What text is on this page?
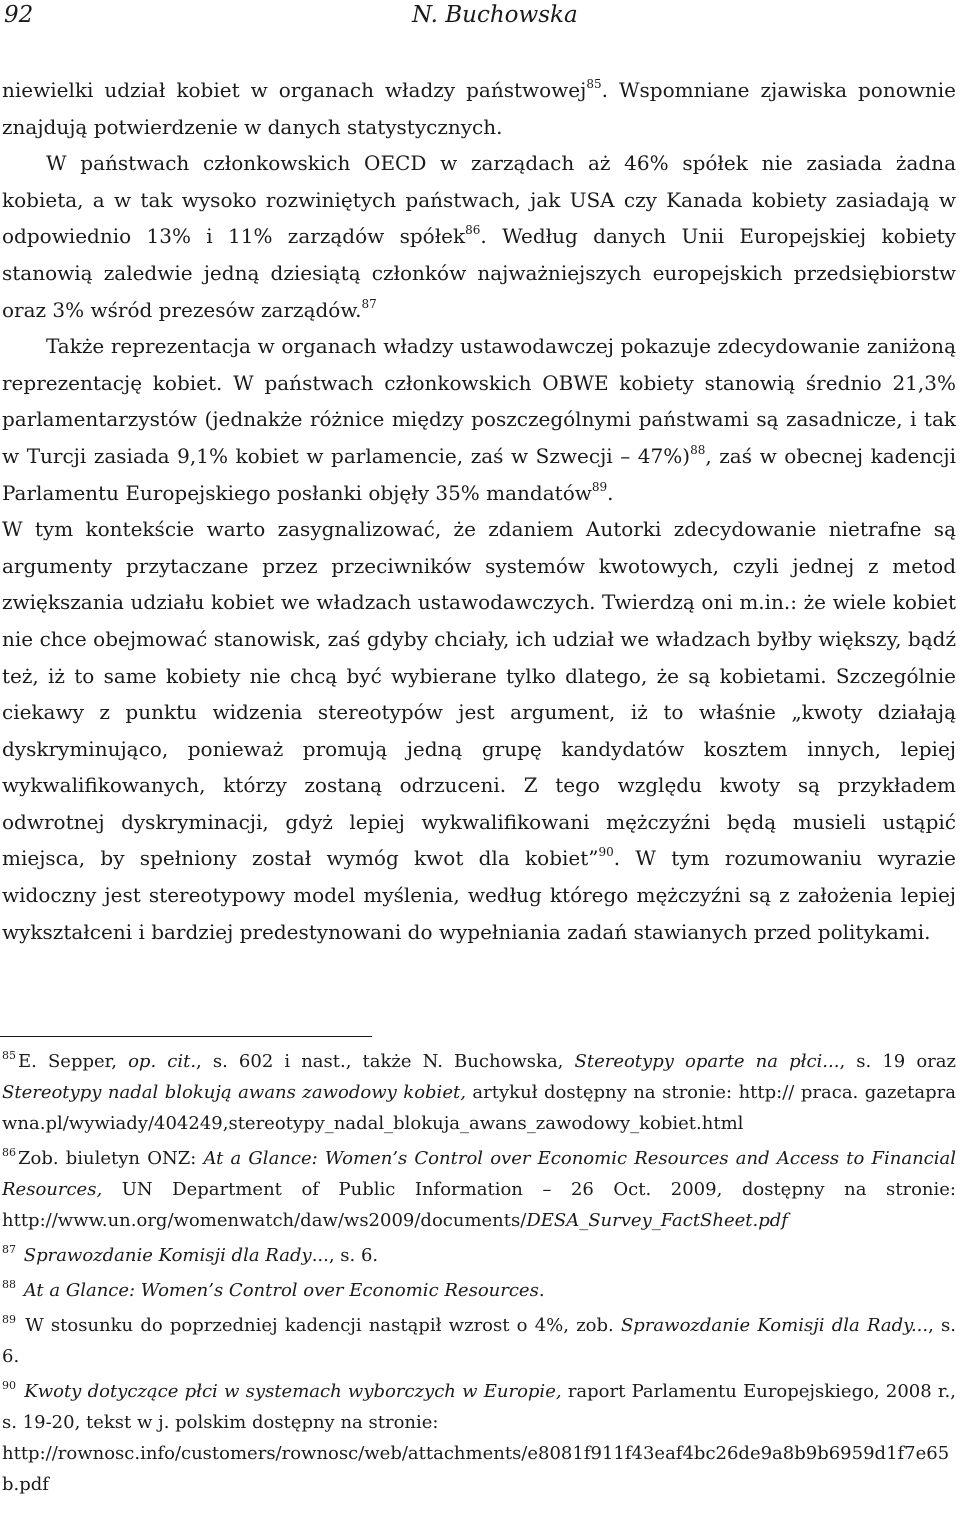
92	N. Buchowska

niewielki udział kobiet w organach władzy państwowej$^{85}$. Wspomniane zjawiska ponownie znajdują potwierdzenie w danych statystycznych.

W państwach członkowskich OECD w zarządach aż 46% spółek nie zasiada żadna kobieta, a w tak wysoko rozwiniętych państwach, jak USA czy Kanada kobiety zasiadają w odpowiednio 13% i 11% zarządów spółek$^{86}$. Według danych Unii Europejskiej kobiety stanowią zaledwie jedną dziesiątą członków najważniejszych europejskich przedsiębiorstw oraz 3% wśród prezesów zarządów.$^{87}$

Także reprezentacja w organach władzy ustawodawczej pokazuje zdecydowanie zaniżoną reprezentację kobiet. W państwach członkowskich OBWE kobiety stanowią średnio 21,3% parlamentarzystów (jednakże różnice między poszczególnymi państwami są zasadnicze, i tak w Turcji zasiada 9,1% kobiet w parlamencie, zaś w Szwecji – 47%)$^{88}$, zaś w obecnej kadencji Parlamentu Europejskiego posłanki objęły 35% mandatów$^{89}$.

W tym kontekście warto zasygnalizować, że zdaniem Autorki zdecydowanie nietrafne są argumenty przytaczane przez przeciwników systemów kwotowych, czyli jednej z metod zwiększania udziału kobiet we władzach ustawodawczych. Twierdzą oni m.in.: że wiele kobiet nie chce obejmować stanowisk, zaś gdyby chciały, ich udział we władzach byłby większy, bądź też, iż to same kobiety nie chcą być wybierane tylko dlatego, że są kobietami. Szczególnie ciekawy z punktu widzenia stereotypów jest argument, iż to właśnie „kwoty działają dyskryminująco, ponieważ promują jedną grupę kandydatów kosztem innych, lepiej wykwalifikowanych, którzy zostaną odrzuceni. Z tego względu kwoty są przykładem odwrotnej dyskryminacji, gdyż lepiej wykwalifikowani mężczyźni będą musieli ustąpić miejsca, by spełniony został wymóg kwot dla kobiet”$^{90}$. W tym rozumowaniu wyrazie widoczny jest stereotypowy model myślenia, według którego mężczyźni są z założenia lepiej wykształceni i bardziej predestynowani do wypełniania zadań stawianych przed politykami.

$^{85}$ E. Sepper, op. cit., s. 602 i nast., także N. Buchowska, Stereotypy oparte na płci..., s. 19 oraz Stereotypy nadal blokują awans zawodowy kobiet, artykuł dostępny na stronie: http:// praca. gazetaprawna.pl/wywiady/404249,stereotypy_nadal_blokuja_awans_zawodowy_kobiet.html

$^{86}$ Zob. biuletyn ONZ: At a Glance: Women’s Control over Economic Resources and Access to Financial Resources, UN Department of Public Information – 26 Oct. 2009, dostępny na stronie: http://www.un.org/womenwatch/daw/ws2009/documents/DESA_Survey_FactSheet.pdf

$^{87}$ Sprawozdanie Komisji dla Rady..., s. 6.

$^{88}$ At a Glance: Women’s Control over Economic Resources.

$^{89}$ W stosunku do poprzedniej kadencji nastąpił wzrost o 4%, zob. Sprawozdanie Komisji dla Rady..., s. 6.

$^{90}$ Kwoty dotyczące płci w systemach wyborczych w Europie, raport Parlamentu Europejskiego, 2008 r., s. 19-20, tekst w j. polskim dostępny na stronie:
http://rownosc.info/customers/rownosc/web/attachments/e8081f911f43eaf4bc26de9a8b9b6959d1f7e65b.pdf
